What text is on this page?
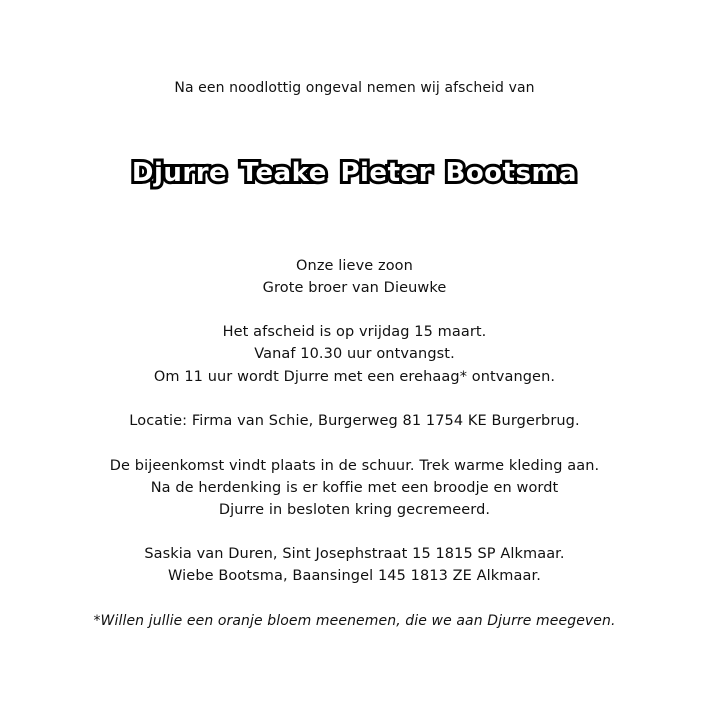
Na een noodlottig ongeval nemen wij afscheid van
Djurre Teake Pieter Bootsma
Onze lieve zoon
Grote broer van Dieuwke
Het afscheid is op vrijdag 15 maart.
Vanaf 10.30 uur ontvangst.
Om 11 uur wordt Djurre met een erehaag* ontvangen.
Locatie: Firma van Schie, Burgerweg 81 1754 KE Burgerbrug.
De bijeenkomst vindt plaats in de schuur. Trek warme kleding aan.
Na de herdenking is er koffie met een broodje en wordt
Djurre in besloten kring gecremeerd.
Saskia van Duren, Sint Josephstraat 15 1815 SP Alkmaar.
Wiebe Bootsma, Baansingel 145 1813 ZE Alkmaar.
*Willen jullie een oranje bloem meenemen, die we aan Djurre meegeven.
